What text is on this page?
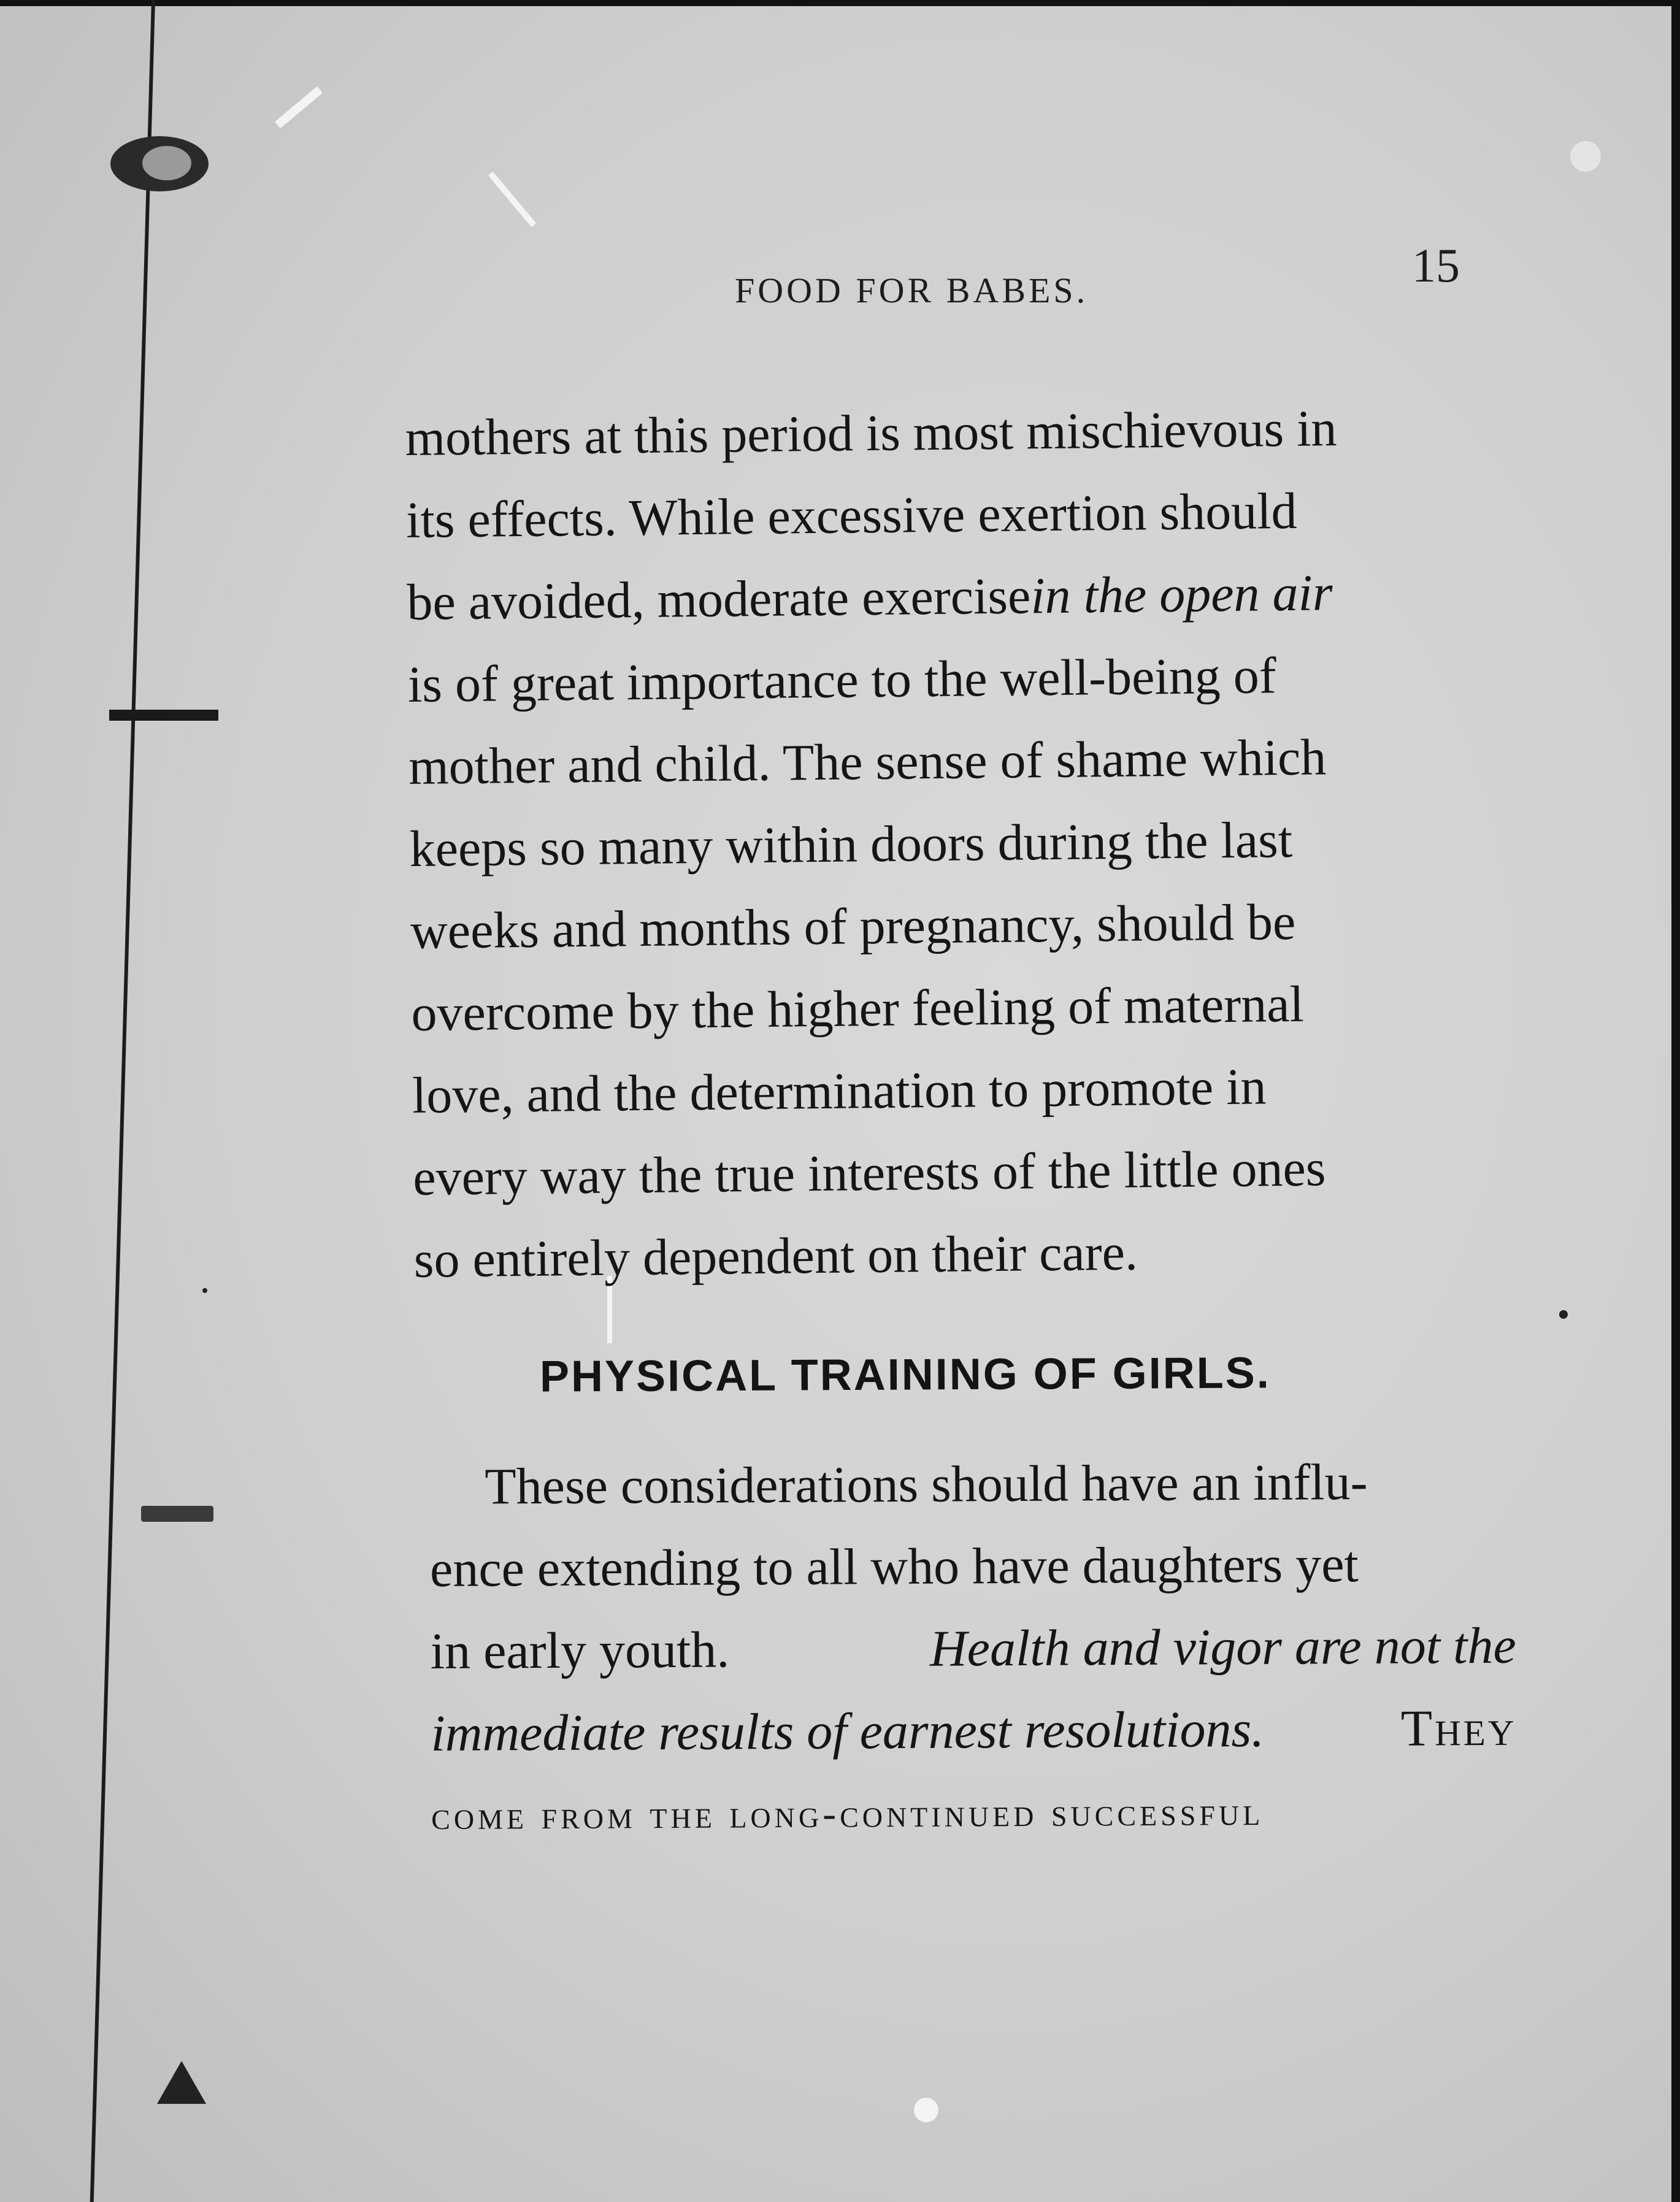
FOOD FOR BABES.	15
mothers at this period is most mischievous in
its effects. While excessive exertion should
be avoided, moderate exercisein the open air
is of great importance to the well-being of
mother and child. The sense of shame which
keeps so many within doors during the last
weeks and months of pregnancy, should be
overcome by the higher feeling of maternal
love, and the determination to promote in
every way the true interests of the little ones
so entirely dependent on their care.
PHYSICAL TRAINING OF GIRLS.
These considerations should have an influ-
ence extending to all who have daughters yet
in early youth.	Health and vigor are not the
immediate results of earnest resolutions.	They
come from the long-continued successful
